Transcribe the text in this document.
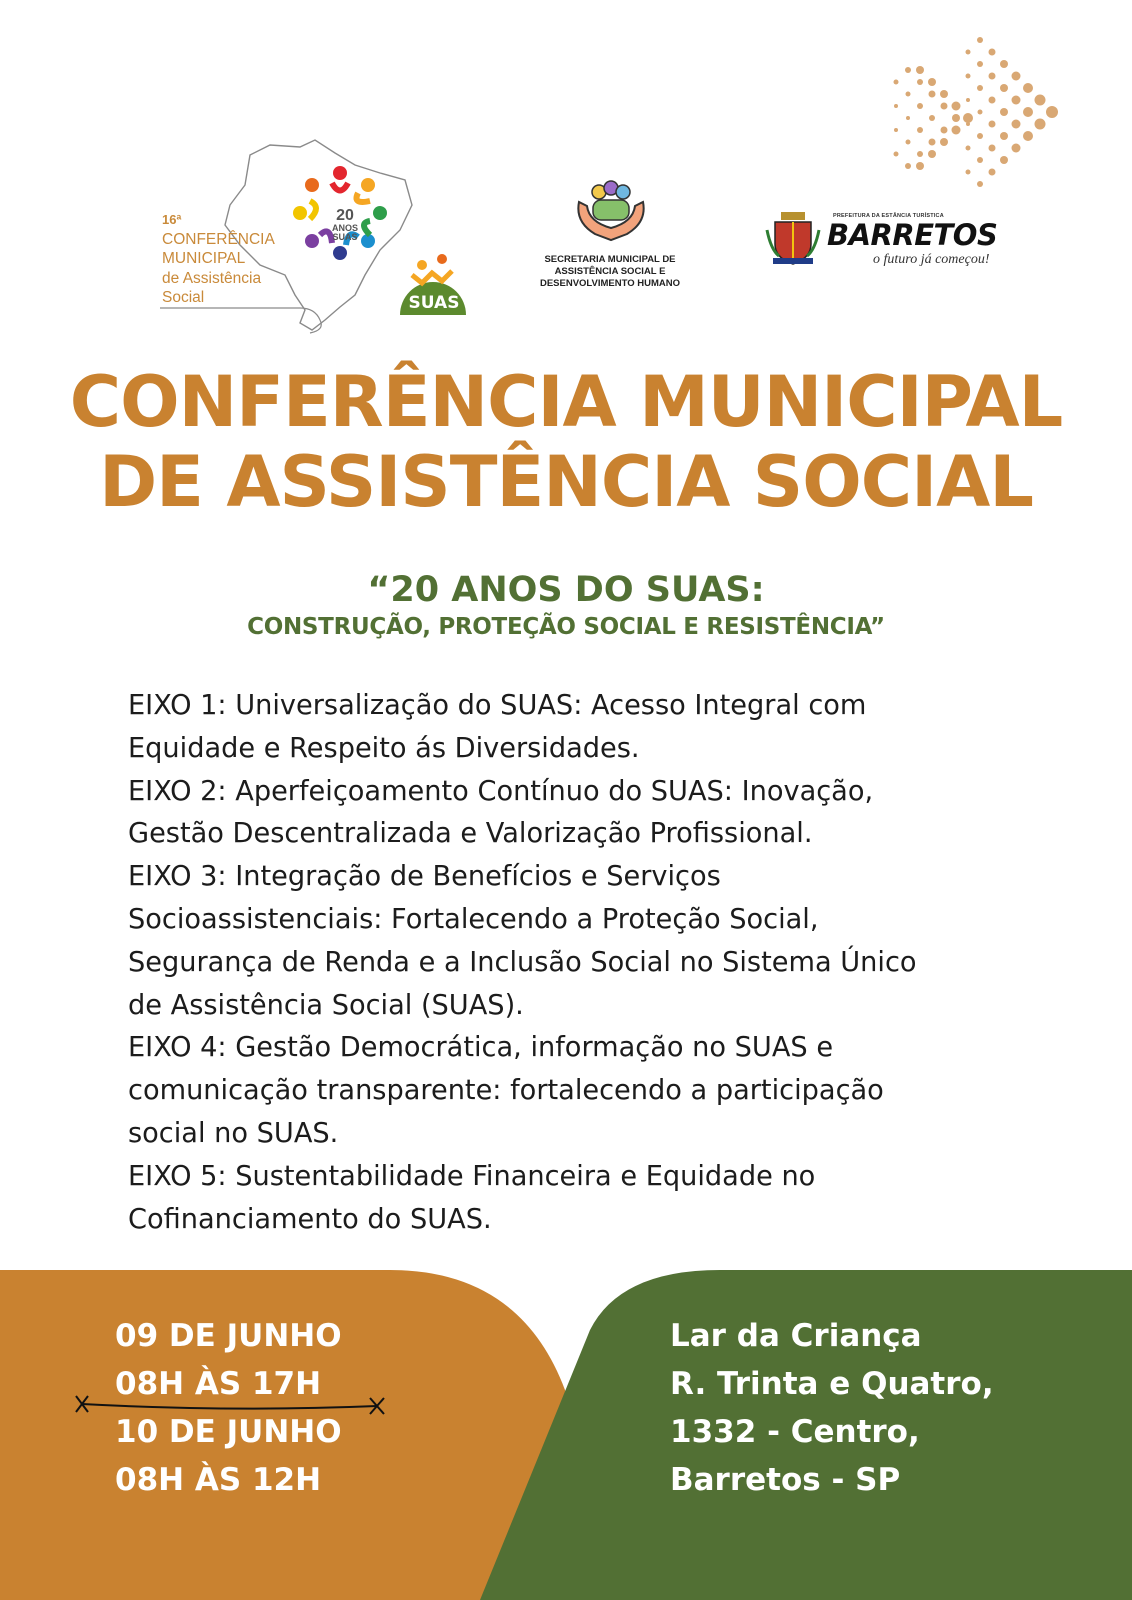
20
ANOS
SUAS
16ª
CONFERÊNCIA
MUNICIPAL
de Assistência
Social	SUAS
SECRETARIA MUNICIPAL DE
ASSISTÊNCIA SOCIAL E
DESENVOLVIMENTO HUMANO
PREFEITURA DA ESTÂNCIA TURÍSTICA
BARRETOS
o futuro já começou!
CONFERÊNCIA MUNICIPAL
DE ASSISTÊNCIA SOCIAL
“20 ANOS DO SUAS:
CONSTRUÇÃO, PROTEÇÃO SOCIAL E RESISTÊNCIA”

EIXO 1: Universalização do SUAS: Acesso Integral com

Equidade e Respeito ás Diversidades.

EIXO 2: Aperfeiçoamento Contínuo do SUAS: Inovação,

Gestão Descentralizada e Valorização Profissional.

EIXO 3: Integração de Benefícios e Serviços

Socioassistenciais: Fortalecendo a Proteção Social,

Segurança de Renda e a Inclusão Social no Sistema Único

de Assistência Social (SUAS).

EIXO 4: Gestão Democrática, informação no SUAS e

comunicação transparente: fortalecendo a participação

social no SUAS.

EIXO 5: Sustentabilidade Financeira e Equidade no

Cofinanciamento do SUAS.

09 DE JUNHO
08H ÀS 17H
10 DE JUNHO
08H ÀS 12H
Lar da Criança
R. Trinta e Quatro,
1332 - Centro,
Barretos - SP
